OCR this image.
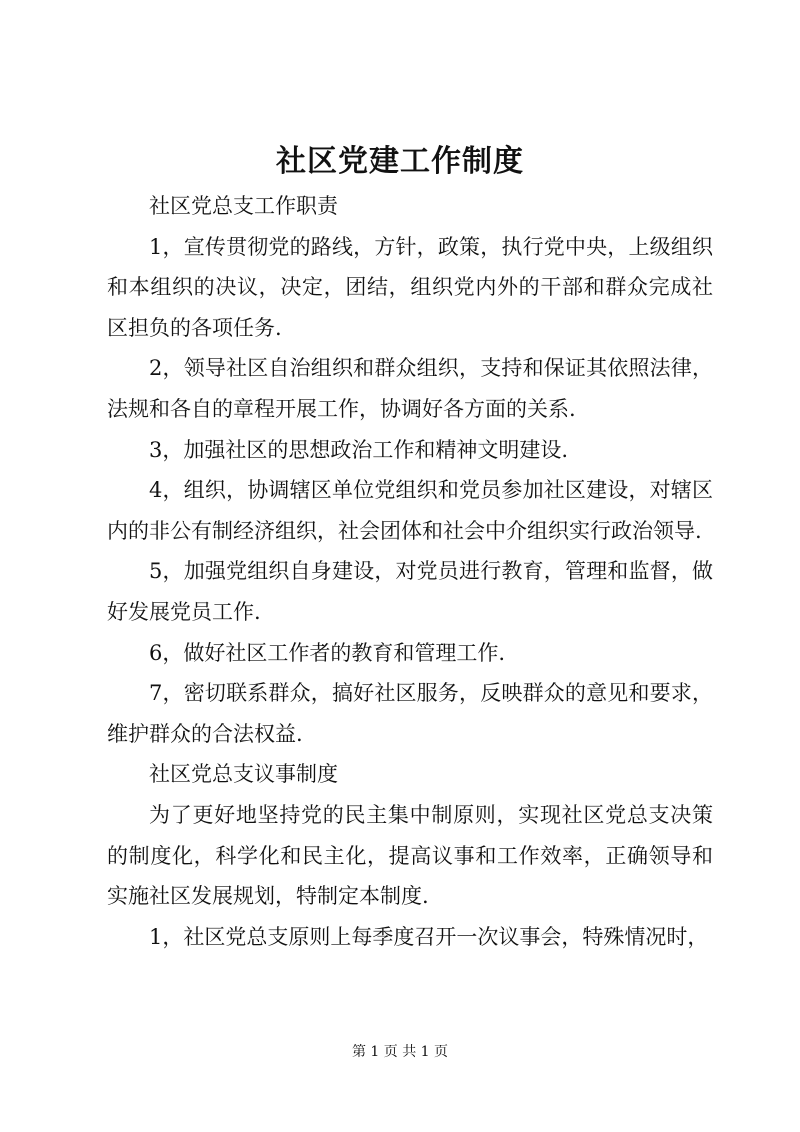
社区党建工作制度

社区党总支工作职责

1，宣传贯彻党的路线，方针，政策，执行党中央，上级组织和本组织的决议，决定，团结，组织党内外的干部和群众完成社区担负的各项任务.

2，领导社区自治组织和群众组织，支持和保证其依照法律，法规和各自的章程开展工作，协调好各方面的关系.

3，加强社区的思想政治工作和精神文明建设.

4，组织，协调辖区单位党组织和党员参加社区建设，对辖区内的非公有制经济组织，社会团体和社会中介组织实行政治领导.

5，加强党组织自身建设，对党员进行教育，管理和监督，做好发展党员工作.

6，做好社区工作者的教育和管理工作.

7，密切联系群众，搞好社区服务，反映群众的意见和要求，维护群众的合法权益.

社区党总支议事制度

为了更好地坚持党的民主集中制原则，实现社区党总支决策的制度化，科学化和民主化，提高议事和工作效率，正确领导和实施社区发展规划，特制定本制度.

1，社区党总支原则上每季度召开一次议事会，特殊情况时，

第 1 页 共 1 页
